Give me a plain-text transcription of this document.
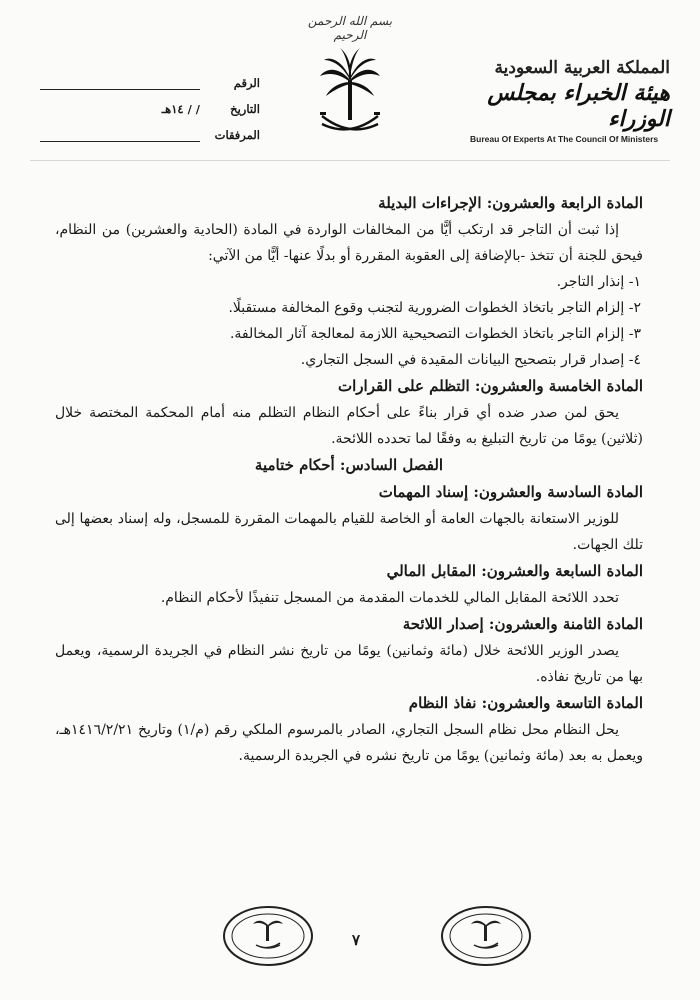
بسم الله الرحمن الرحيم
المملكة العربية السعودية
هيئة الخبراء بمجلس الوزراء
Bureau Of Experts At The Council Of Ministers
الرقم
التاريخ
/ / ١٤هـ
المرفقات

المادة الرابعة والعشرون: الإجراءات البديلة

إذا ثبت أن التاجر قد ارتكب أيًّا من المخالفات الواردة في المادة (الحادية والعشرين) من النظام، فيحق للجنة أن تتخذ -بالإضافة إلى العقوبة المقررة أو بدلًا عنها- أيًّا من الآتي:

١- إنذار التاجر.

٢- إلزام التاجر باتخاذ الخطوات الضرورية لتجنب وقوع المخالفة مستقبلًا.

٣- إلزام التاجر باتخاذ الخطوات التصحيحية اللازمة لمعالجة آثار المخالفة.

٤- إصدار قرار بتصحيح البيانات المقيدة في السجل التجاري.

المادة الخامسة والعشرون: التظلم على القرارات

يحق لمن صدر ضده أي قرار بناءً على أحكام النظام التظلم منه أمام المحكمة المختصة خلال (ثلاثين) يومًا من تاريخ التبليغ به وفقًا لما تحدده اللائحة.

الفصل السادس: أحكام ختامية

المادة السادسة والعشرون: إسناد المهمات

للوزير الاستعانة بالجهات العامة أو الخاصة للقيام بالمهمات المقررة للمسجل، وله إسناد بعضها إلى تلك الجهات.

المادة السابعة والعشرون: المقابل المالي

تحدد اللائحة المقابل المالي للخدمات المقدمة من المسجل تنفيذًا لأحكام النظام.

المادة الثامنة والعشرون: إصدار اللائحة

يصدر الوزير اللائحة خلال (مائة وثمانين) يومًا من تاريخ نشر النظام في الجريدة الرسمية، ويعمل بها من تاريخ نفاذه.

المادة التاسعة والعشرون: نفاذ النظام

يحل النظام محل نظام السجل التجاري، الصادر بالمرسوم الملكي رقم (م/١) وتاريخ ١٤١٦/٢/٢١هـ، ويعمل به بعد (مائة وثمانين) يومًا من تاريخ نشره في الجريدة الرسمية.

٧
